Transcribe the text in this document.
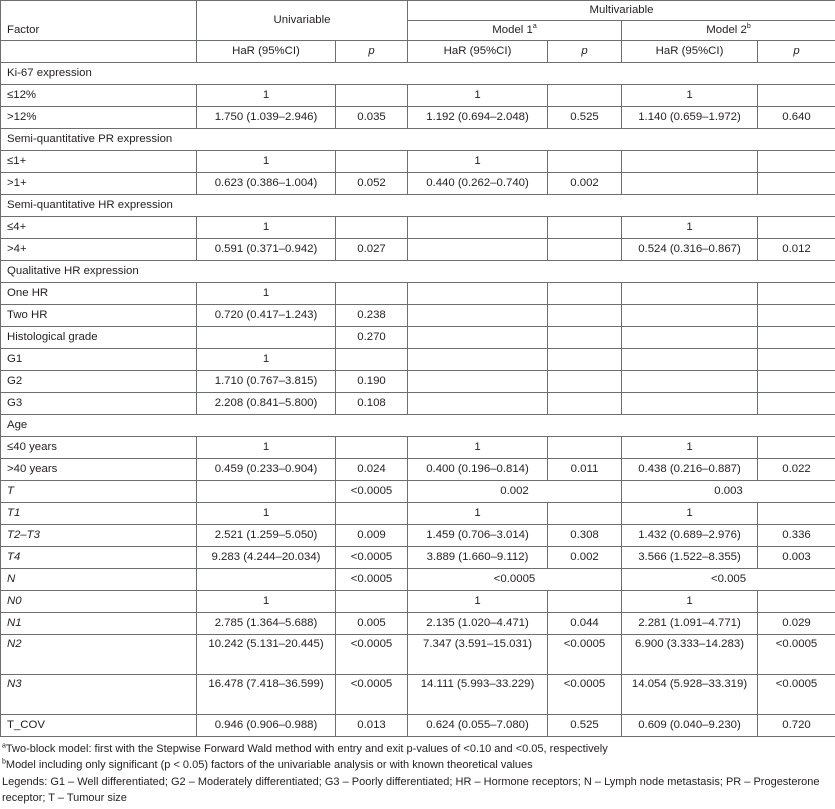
Factor	Univariable		Multivariable			
			Model 1$^a$		Model 2$^b$
	HaR (95%CI)	p	HaR (95%CI)	p	HaR (95%CI)	p
Ki-67 expression						
≤12%	1		1		1	
>12%	1.750 (1.039–2.946)	0.035	1.192 (0.694–2.048)	0.525	1.140 (0.659–1.972)	0.640
Semi-quantitative PR expression						
≤1+	1		1			
>1+	0.623 (0.386–1.004)	0.052	0.440 (0.262–0.740)	0.002		
Semi-quantitative HR expression						
≤4+	1				1	
>4+	0.591 (0.371–0.942)	0.027			0.524 (0.316–0.867)	0.012
Qualitative HR expression						
One HR	1					
Two HR	0.720 (0.417–1.243)	0.238				
Histological grade		0.270				
G1	1					
G2	1.710 (0.767–3.815)	0.190				
G3	2.208 (0.841–5.800)	0.108				
Age						
≤40 years	1		1		1	
>40 years	0.459 (0.233–0.904)	0.024	0.400 (0.196–0.814)	0.011	0.438 (0.216–0.887)	0.022
T		<0.0005	0.002		0.003	
T1	1		1		1	
T2–T3	2.521 (1.259–5.050)	0.009	1.459 (0.706–3.014)	0.308	1.432 (0.689–2.976)	0.336
T4	9.283 (4.244–20.034)	<0.0005	3.889 (1.660–9.112)	0.002	3.566 (1.522–8.355)	0.003
N		<0.0005	<0.0005		<0.005	
N0	1		1		1	
N1	2.785 (1.364–5.688)	0.005	2.135 (1.020–4.471)	0.044	2.281 (1.091–4.771)	0.029
N2	10.242 (5.131–20.445)	<0.0005	7.347 (3.591–15.031)	<0.0005	6.900 (3.333–14.283)	<0.0005
N3	16.478 (7.418–36.599)	<0.0005	14.111 (5.993–33.229)	<0.0005	14.054 (5.928–33.319)	<0.0005
T_COV	0.946 (0.906–0.988)	0.013	0.624 (0.055–7.080)	0.525	0.609 (0.040–9.230)	0.720

$^a$Two-block model: first with the Stepwise Forward Wald method with entry and exit p-values of <0.10 and <0.05, respectively

$^b$Model including only significant (p < 0.05) factors of the univariable analysis or with known theoretical values

Legends: G1 – Well differentiated; G2 – Moderately differentiated; G3 – Poorly differentiated; HR – Hormone receptors; N – Lymph node metastasis; PR – Progesterone receptor; T – Tumour size
